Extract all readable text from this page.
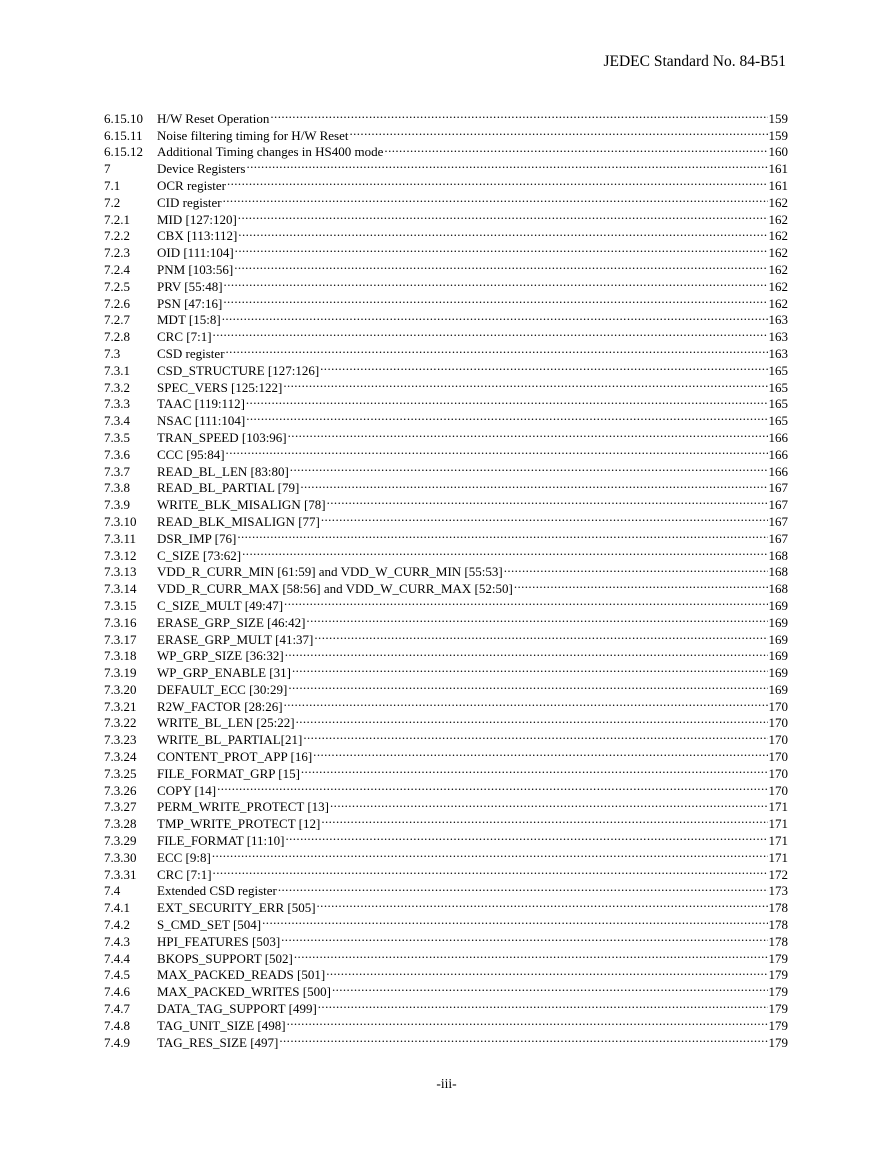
JEDEC Standard No. 84-B51
6.15.10	H/W Reset Operation .....	159
6.15.11	Noise filtering timing for H/W Reset .....	159
6.15.12	Additional Timing changes in HS400 mode .....	160
7	Device Registers .....	161
7.1	OCR register .....	161
7.2	CID register .....	162
7.2.1	MID [127:120] .....	162
7.2.2	CBX [113:112] .....	162
7.2.3	OID [111:104] .....	162
7.2.4	PNM [103:56] .....	162
7.2.5	PRV [55:48] .....	162
7.2.6	PSN [47:16] .....	162
7.2.7	MDT [15:8] .....	163
7.2.8	CRC [7:1] .....	163
7.3	CSD register .....	163
7.3.1	CSD_STRUCTURE [127:126] .....	165
7.3.2	SPEC_VERS [125:122] .....	165
7.3.3	TAAC [119:112] .....	165
7.3.4	NSAC [111:104] .....	165
7.3.5	TRAN_SPEED [103:96] .....	166
7.3.6	CCC [95:84] .....	166
7.3.7	READ_BL_LEN [83:80] .....	166
7.3.8	READ_BL_PARTIAL [79] .....	167
7.3.9	WRITE_BLK_MISALIGN [78] .....	167
7.3.10	READ_BLK_MISALIGN [77] .....	167
7.3.11	DSR_IMP [76] .....	167
7.3.12	C_SIZE [73:62] .....	168
7.3.13	VDD_R_CURR_MIN [61:59] and VDD_W_CURR_MIN [55:53] .....	168
7.3.14	VDD_R_CURR_MAX [58:56] and VDD_W_CURR_MAX [52:50] .....	168
7.3.15	C_SIZE_MULT [49:47] .....	169
7.3.16	ERASE_GRP_SIZE [46:42] .....	169
7.3.17	ERASE_GRP_MULT [41:37] .....	169
7.3.18	WP_GRP_SIZE [36:32] .....	169
7.3.19	WP_GRP_ENABLE [31] .....	169
7.3.20	DEFAULT_ECC [30:29] .....	169
7.3.21	R2W_FACTOR [28:26] .....	170
7.3.22	WRITE_BL_LEN [25:22] .....	170
7.3.23	WRITE_BL_PARTIAL[21] .....	170
7.3.24	CONTENT_PROT_APP [16] .....	170
7.3.25	FILE_FORMAT_GRP [15] .....	170
7.3.26	COPY [14] .....	170
7.3.27	PERM_WRITE_PROTECT [13] .....	171
7.3.28	TMP_WRITE_PROTECT [12] .....	171
7.3.29	FILE_FORMAT [11:10] .....	171
7.3.30	ECC [9:8] .....	171
7.3.31	CRC [7:1] .....	172
7.4	Extended CSD register .....	173
7.4.1	EXT_SECURITY_ERR [505] .....	178
7.4.2	S_CMD_SET [504] .....	178
7.4.3	HPI_FEATURES [503] .....	178
7.4.4	BKOPS_SUPPORT [502] .....	179
7.4.5	MAX_PACKED_READS [501] .....	179
7.4.6	MAX_PACKED_WRITES [500] .....	179
7.4.7	DATA_TAG_SUPPORT [499] .....	179
7.4.8	TAG_UNIT_SIZE [498] .....	179
7.4.9	TAG_RES_SIZE [497] .....	179
-iii-
